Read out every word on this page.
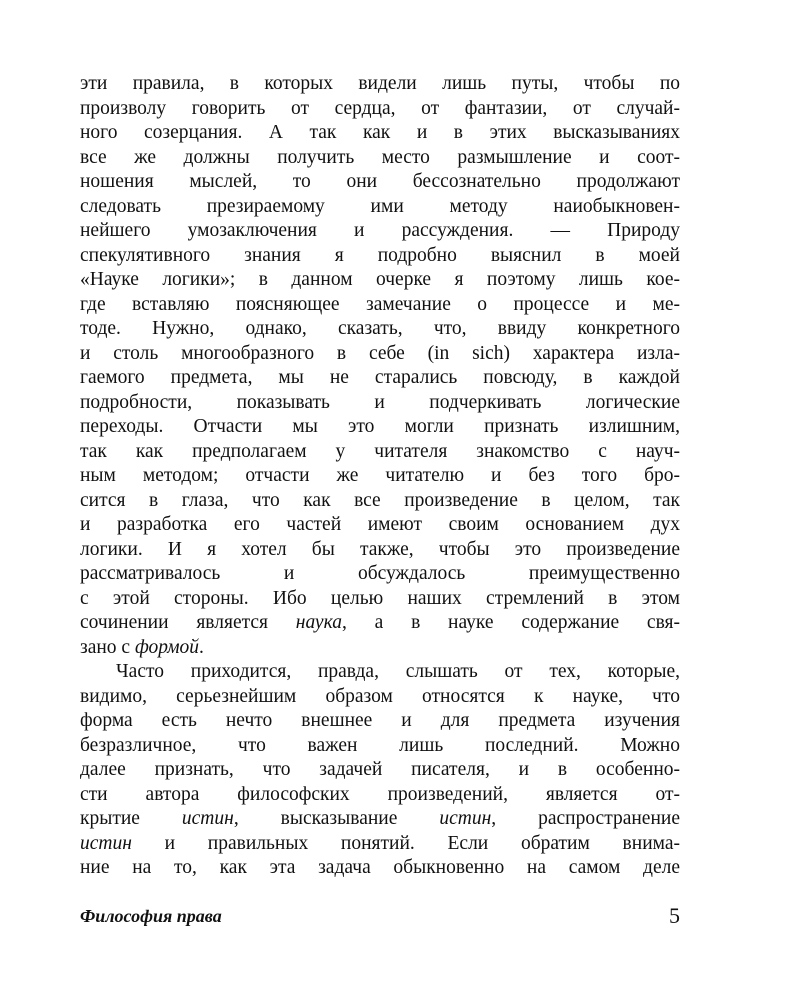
эти правила, в которых видели лишь путы, чтобы по
произволу говорить от сердца, от фантазии, от случай-
ного созерцания. А так как и в этих высказываниях
все же должны получить место размышление и соот-
ношения мыслей, то они бессознательно продолжают
следовать презираемому ими методу наиобыкновен-
нейшего умозаключения и рассуждения. — Природу
спекулятивного знания я подробно выяснил в моей
«Науке логики»; в данном очерке я поэтому лишь кое-
где вставляю поясняющее замечание о процессе и ме-
тоде. Нужно, однако, сказать, что, ввиду конкретного
и столь многообразного в себе (in sich) характера изла-
гаемого предмета, мы не старались повсюду, в каждой
подробности, показывать и подчеркивать логические
переходы. Отчасти мы это могли признать излишним,
так как предполагаем у читателя знакомство с науч-
ным методом; отчасти же читателю и без того бро-
сится в глаза, что как все произведение в целом, так
и разработка его частей имеют своим основанием дух
логики. И я хотел бы также, чтобы это произведение
рассматривалось и обсуждалось преимущественно
с этой стороны. Ибо целью наших стремлений в этом
сочинении является наука, а в науке содержание свя-
зано с формой.
Часто приходится, правда, слышать от тех, которые,
видимо, серьезнейшим образом относятся к науке, что
форма есть нечто внешнее и для предмета изучения
безразличное, что важен лишь последний. Можно
далее признать, что задачей писателя, и в особенно-
сти автора философских произведений, является от-
крытие истин, высказывание истин, распространение
истин и правильных понятий. Если обратим внима-
ние на то, как эта задача обыкновенно на самом деле
Философия права	5
